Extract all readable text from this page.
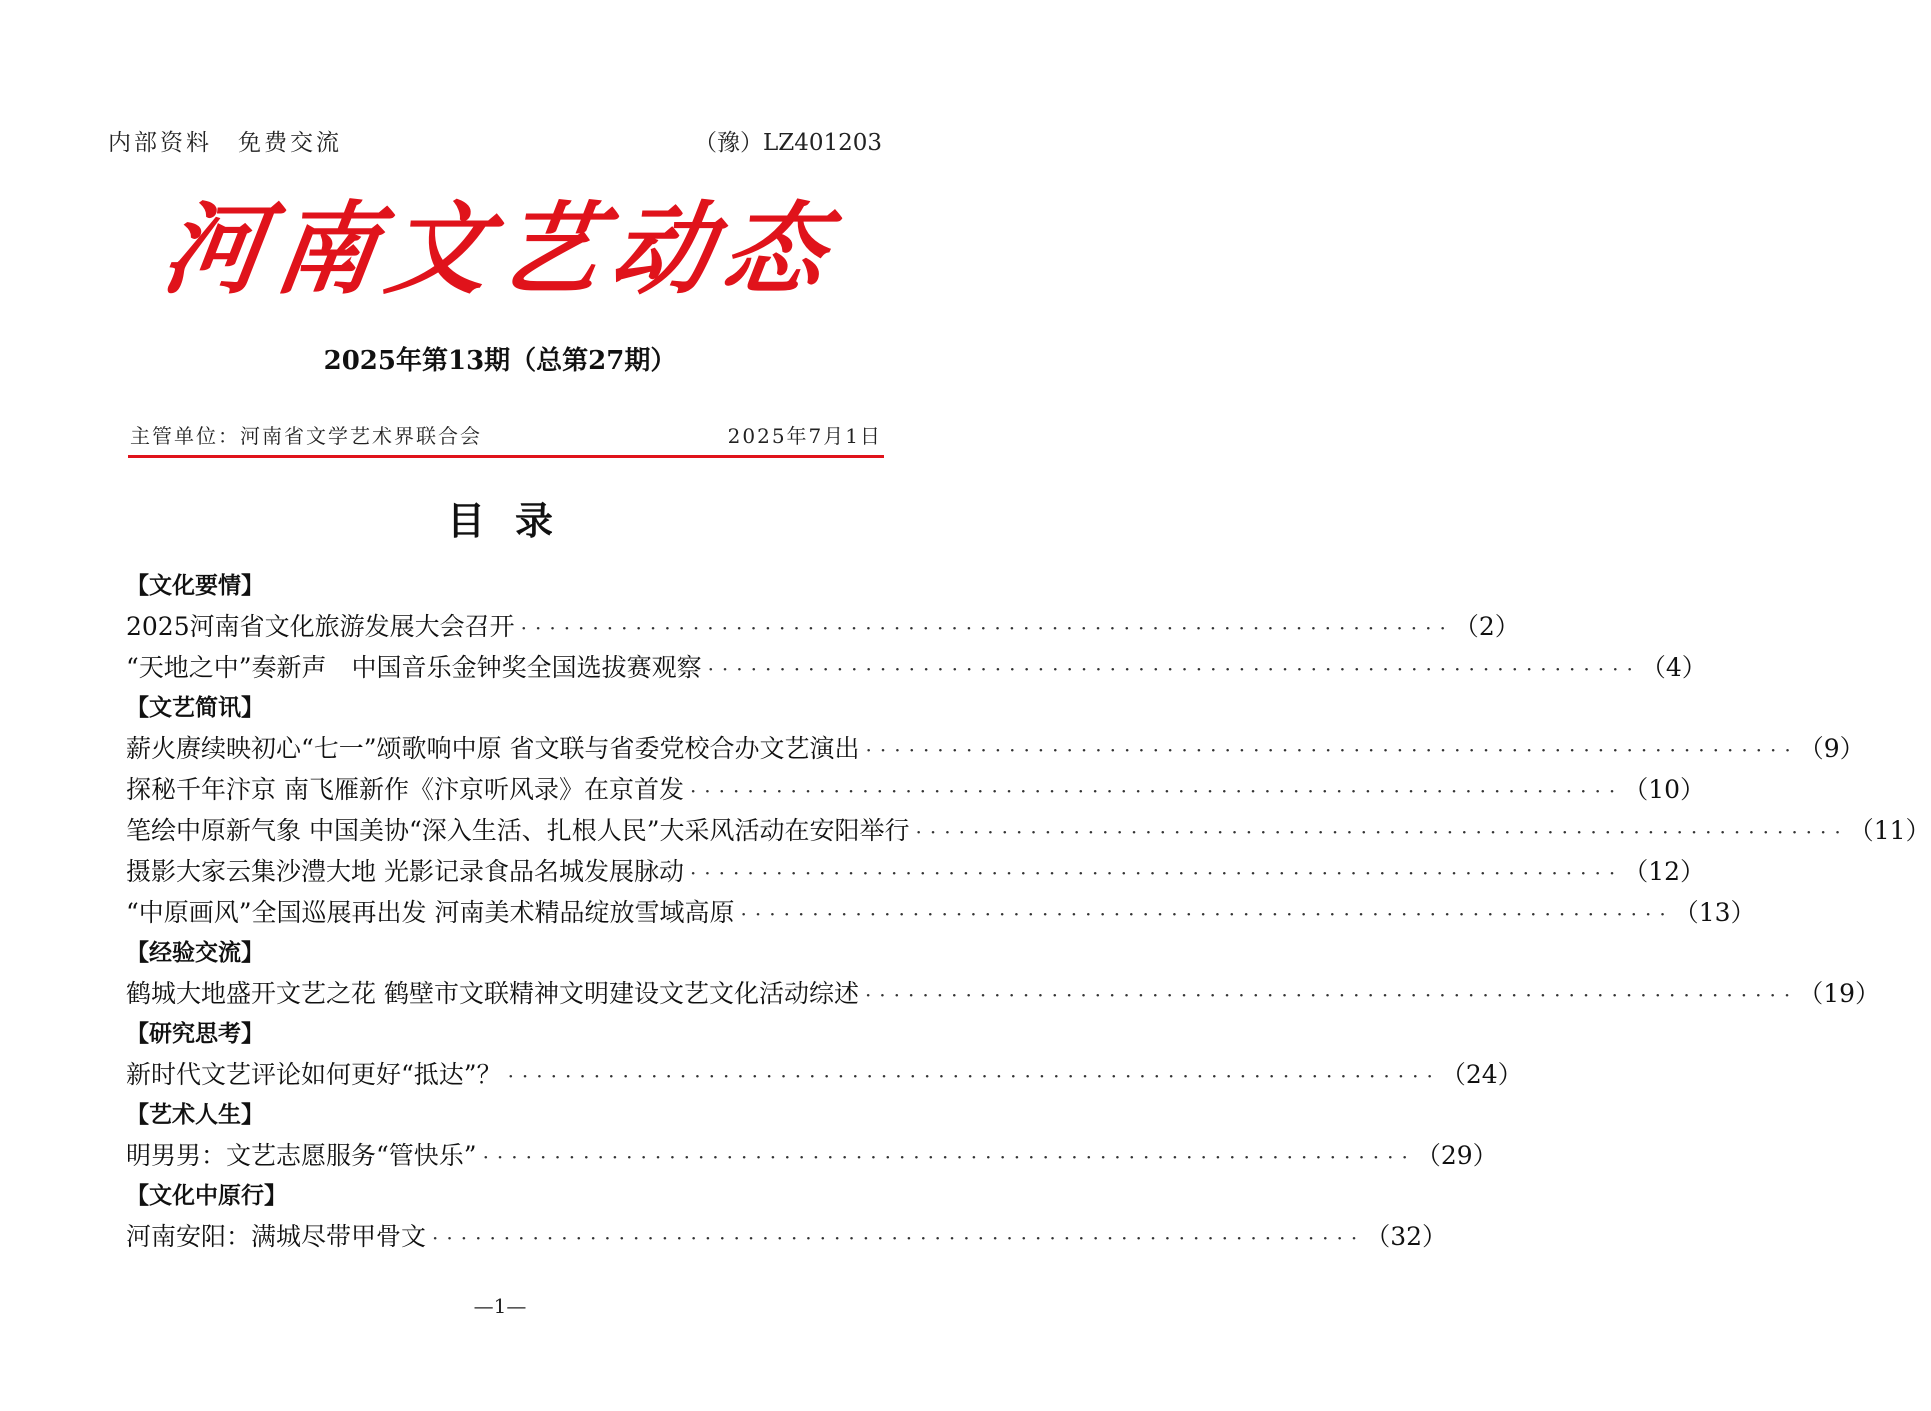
内部资料　免费交流	（豫）LZ401203
河南文艺动态
2025年第13期（总第27期）
主管单位：河南省文学艺术界联合会	2025年7月1日
目录
【文化要情】
2025河南省文化旅游发展大会召开 ·····	（2）
“天地之中”奏新声　中国音乐金钟奖全国选拔赛观察 ·····	（4）
【文艺简讯】
薪火赓续映初心“七一”颂歌响中原 省文联与省委党校合办文艺演出 ·····	（9）
探秘千年汴京 南飞雁新作《汴京听风录》在京首发 ·····	（10）
笔绘中原新气象 中国美协“深入生活、扎根人民”大采风活动在安阳举行 ·····	（11）
摄影大家云集沙澧大地 光影记录食品名城发展脉动 ·····	（12）
“中原画风”全国巡展再出发 河南美术精品绽放雪域高原 ·····	（13）
【经验交流】
鹤城大地盛开文艺之花 鹤壁市文联精神文明建设文艺文化活动综述 ·····	（19）
【研究思考】
新时代文艺评论如何更好“抵达”？ ·····	（24）
【艺术人生】
明男男：文艺志愿服务“管快乐” ·····	（29）
【文化中原行】
河南安阳：满城尽带甲骨文 ·····	（32）
—1—
